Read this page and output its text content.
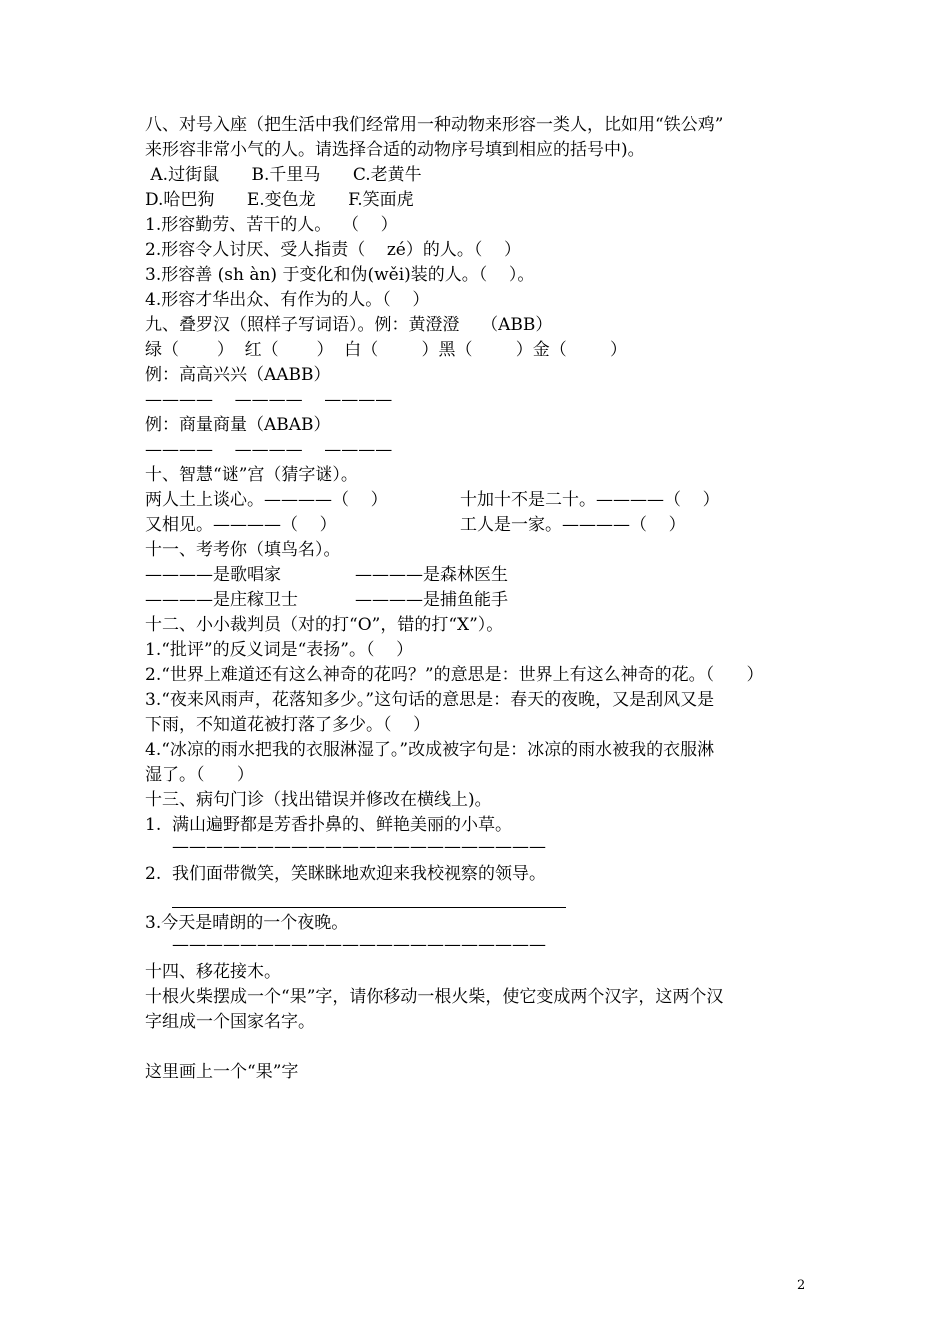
八、对号入座（把生活中我们经常用一种动物来形容一类人，比如用“铁公鸡”
来形容非常小气的人。请选择合适的动物序号填到相应的括号中)。
A.过街鼠      B.千里马      C.老黄牛
D.哈巴狗      E.变色龙      F.笑面虎
1.形容勤劳、苦干的人。  （    ）
2.形容令人讨厌、受人指责（    zé）的人。（    ）
3.形容善 (sh àn) 于变化和伪(wěi)装的人。（    ）。
4.形容才华出众、有作为的人。（    ）
九、叠罗汉（照样子写词语）。例：黄澄澄    （ABB）
绿（       ）  红（       ）  白（        ）黑（        ）金（        ）
例：高高兴兴（AABB）
————    ————    ————
例：商量商量（ABAB）
————    ————    ————
十、智慧“谜”宫（猜字谜）。
两人土上谈心。————（    ）	十加十不是二十。————（    ）
又相见。————（    ）	工人是一家。————（    ）
十一、考考你（填鸟名）。
————是歌唱家	————是森林医生
————是庄稼卫士	————是捕鱼能手
十二、小小裁判员（对的打“O”，错的打“X”）。
1.“批评”的反义词是“表扬”。（    ）
2.“世界上难道还有这么神奇的花吗？”的意思是：世界上有这么神奇的花。（      ）
3.“夜来风雨声，花落知多少。”这句话的意思是：春天的夜晚，又是刮风又是
下雨，不知道花被打落了多少。（    ）
4.“冰凉的雨水把我的衣服淋湿了。”改成被字句是：冰凉的雨水被我的衣服淋
湿了。（      ）
十三、病句门诊（找出错误并修改在横线上)。
1.  满山遍野都是芳香扑鼻的、鲜艳美丽的小草。
——————————————————————
2.  我们面带微笑，笑眯眯地欢迎来我校视察的领导。
3.今天是晴朗的一个夜晚。
——————————————————————
十四、移花接木。
十根火柴摆成一个“果”字，请你移动一根火柴，使它变成两个汉字，这两个汉
字组成一个国家名字。
这里画上一个“果”字
2
